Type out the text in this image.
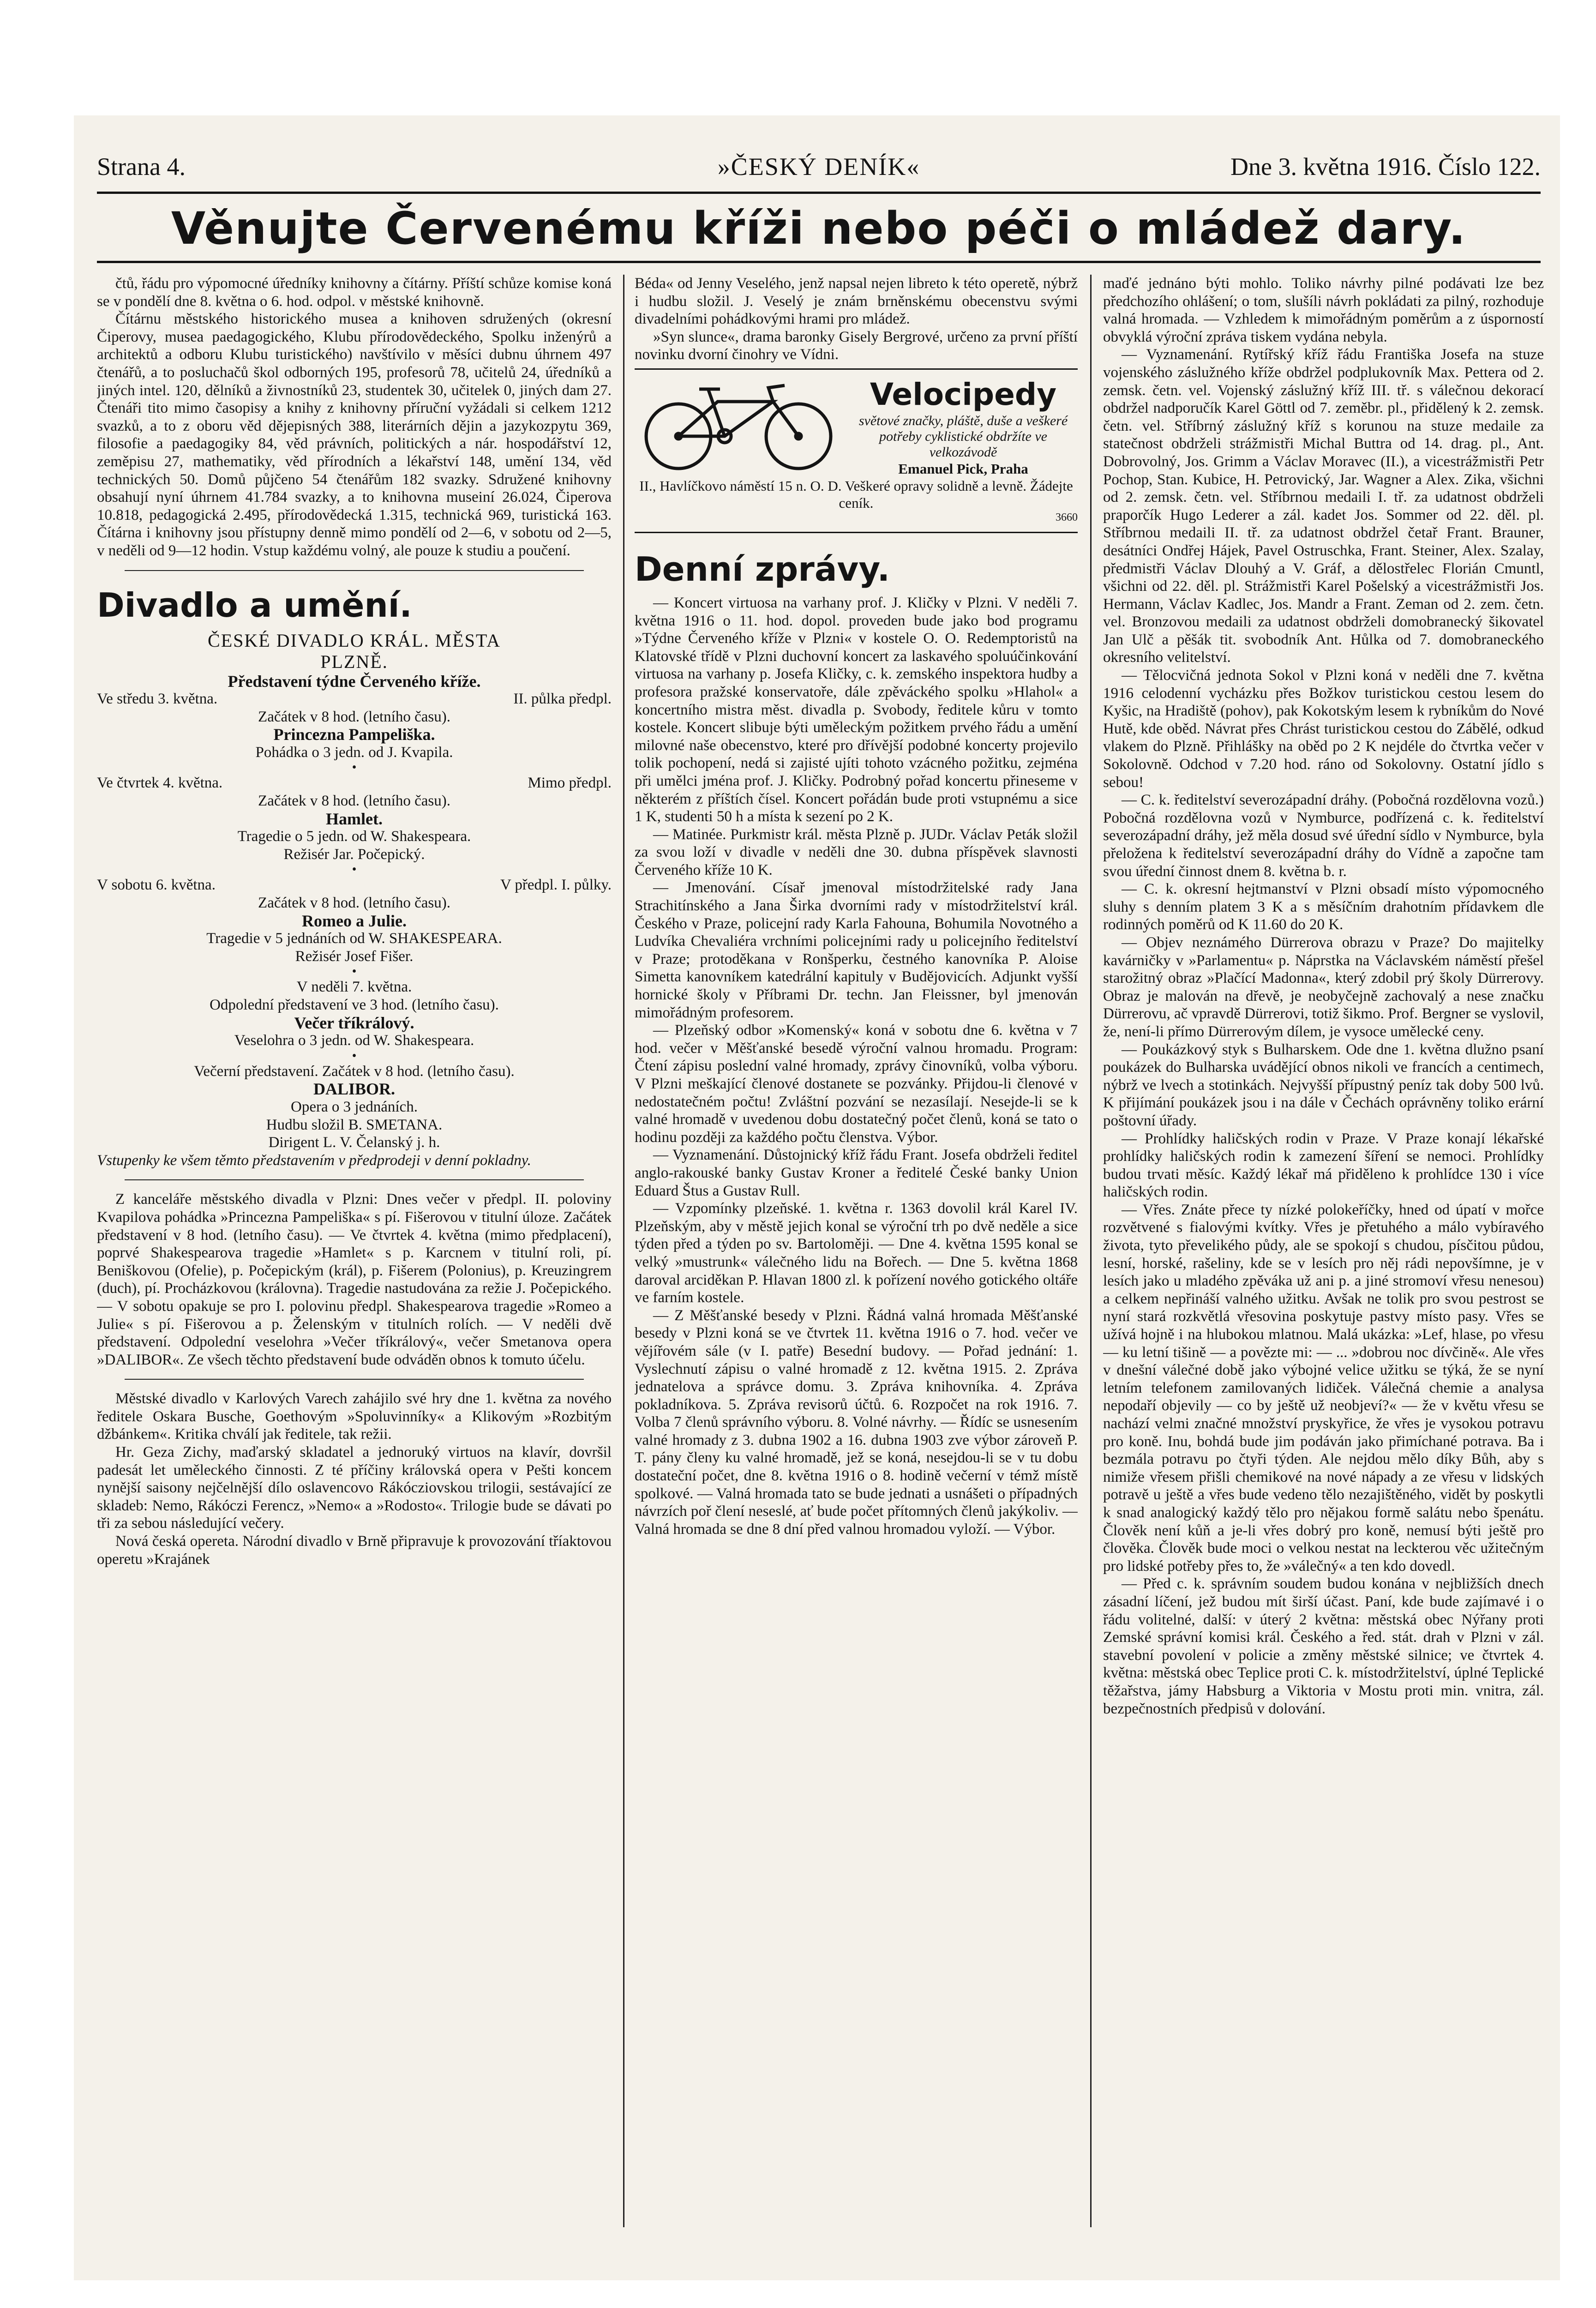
Strana 4.	»ČESKÝ DENÍK«	Dne 3. května 1916. Číslo 122.
Věnujte Červenému kříži nebo péči o mládež dary.

čtů, řádu pro výpomocné úředníky knihovny a čítárny. Příští schůze komise koná se v pondělí dne 8. května o 6. hod. odpol. v městské knihovně.

Čítárnu městského historického musea a knihoven sdružených (okresní Čiperovy, musea paedagogického, Klubu přírodovědeckého, Spolku inženýrů a architektů a odboru Klubu turistického) navštívilo v měsíci dubnu úhrnem 497 čtenářů, a to posluchačů škol odborných 195, profesorů 78, učitelů 24, úředníků a jiných intel. 120, dělníků a živnostníků 23, studentek 30, učitelek 0, jiných dam 27. Čtenáři tito mimo časopisy a knihy z knihovny příruční vyžádali si celkem 1212 svazků, a to z oboru věd dějepisných 388, literárních dějin a jazykozpytu 369, filosofie a paedagogiky 84, věd právních, politických a nár. hospodářství 12, zeměpisu 27, mathematiky, věd přírodních a lékařství 148, umění 134, věd technických 50. Domů půjčeno 54 čtenářům 182 svazky. Sdružené knihovny obsahují nyní úhrnem 41.784 svazky, a to knihovna museiní 26.024, Čiperova 10.818, pedagogická 2.495, přírodovědecká 1.315, technická 969, turistická 163. Čítárna i knihovny jsou přístupny denně mimo pondělí od 2—6, v sobotu od 2—5, v neděli od 9—12 hodin. Vstup každému volný, ale pouze k studiu a poučení.

Divadlo a umění.

ČESKÉ DIVADLO KRÁL. MĚSTA

PLZNĚ.

Představení týdne Červeného kříže.

Ve středu 3. května.	II. půlka předpl.

Začátek v 8 hod. (letního času).

Princezna Pampeliška.

Pohádka o 3 jedn. od J. Kvapila.

•

Ve čtvrtek 4. května.	Mimo předpl.

Začátek v 8 hod. (letního času).

Hamlet.

Tragedie o 5 jedn. od W. Shakespeara.

Režisér Jar. Počepický.

•

V sobotu 6. května.	V předpl. I. půlky.

Začátek v 8 hod. (letního času).

Romeo a Julie.

Tragedie v 5 jednáních od W. SHAKESPEARA.

Režisér Josef Fišer.

•

V neděli 7. května.

Odpolední představení ve 3 hod. (letního času).

Večer tříkrálový.

Veselohra o 3 jedn. od W. Shakespeara.

•

Večerní představení. Začátek v 8 hod. (letního času).

DALIBOR.

Opera o 3 jednáních.

Hudbu složil B. SMETANA.

Dirigent L. V. Čelanský j. h.

Vstupenky ke všem těmto představením v předprodeji v denní pokladny.

Z kanceláře městského divadla v Plzni: Dnes večer v předpl. II. poloviny Kvapilova pohádka »Princezna Pampeliška« s pí. Fišerovou v titulní úloze. Začátek představení v 8 hod. (letního času). — Ve čtvrtek 4. května (mimo předplacení), poprvé Shakespearova tragedie »Hamlet« s p. Karcnem v titulní roli, pí. Beniškovou (Ofelie), p. Počepickým (král), p. Fišerem (Polonius), p. Kreuzingrem (duch), pí. Procházkovou (královna). Tragedie nastudována za režie J. Počepického. — V sobotu opakuje se pro I. polovinu předpl. Shakespearova tragedie »Romeo a Julie« s pí. Fišerovou a p. Želenským v titulních rolích. — V neděli dvě představení. Odpolední veselohra »Večer tříkrálový«, večer Smetanova opera »DALIBOR«. Ze všech těchto představení bude odváděn obnos k tomuto účelu.

Městské divadlo v Karlových Varech zahájilo své hry dne 1. května za nového ředitele Oskara Busche, Goethovým »Spoluvinníky« a Klikovým »Rozbitým džbánkem«. Kritika chválí jak ředitele, tak režii.

Hr. Geza Zichy, maďarský skladatel a jednoruký virtuos na klavír, dovršil padesát let uměleckého činnosti. Z té příčiny královská opera v Pešti koncem nynější saisony nejčelnější dílo oslavencovo Rákócziovskou trilogii, sestávající ze skladeb: Nemo, Rákóczi Ferencz, »Nemo« a »Rodosto«. Trilogie bude se dávati po tři za sebou následující večery.

Nová česká opereta. Národní divadlo v Brně připravuje k provozování tříaktovou operetu »Krajánek

Béda« od Jenny Veselého, jenž napsal nejen libreto k této operetě, nýbrž i hudbu složil. J. Veselý je znám brněnskému obecenstvu svými divadelními pohádkovými hrami pro mládež.

»Syn slunce«, drama baronky Gisely Bergrové, určeno za první příští novinku dvorní činohry ve Vídni.

Velocipedy

světové značky, pláště, duše a veškeré potřeby cyklistické obdržíte ve velkozávodě

Emanuel Pick, Praha

II., Havlíčkovo náměstí 15 n. O. D. Veškeré opravy solidně a levně. Žádejte ceník.

3660

Denní zprávy.

— Koncert virtuosa na varhany prof. J. Kličky v Plzni. V neděli 7. května 1916 o 11. hod. dopol. proveden bude jako bod programu »Týdne Červeného kříže v Plzni« v kostele O. O. Redemptoristů na Klatovské třídě v Plzni duchovní koncert za laskavého spoluúčinkování virtuosa na varhany p. Josefa Kličky, c. k. zemského inspektora hudby a profesora pražské konservatoře, dále zpěváckého spolku »Hlahol« a koncertního mistra měst. divadla p. Svobody, ředitele kůru v tomto kostele. Koncert slibuje býti uměleckým požitkem prvého řádu a umění milovné naše obecenstvo, které pro dřívější podobné koncerty projevilo tolik pochopení, nedá si zajisté ujíti tohoto vzácného požitku, zejména při umělci jména prof. J. Kličky. Podrobný pořad koncertu přineseme v některém z příštích čísel. Koncert pořádán bude proti vstupnému a sice 1 K, studenti 50 h a místa k sezení po 2 K.

— Matinée. Purkmistr král. města Plzně p. JUDr. Václav Peták složil za svou loží v divadle v neděli dne 30. dubna příspěvek slavnosti Červeného kříže 10 K.

— Jmenování. Císař jmenoval místodržitelské rady Jana Strachitínského a Jana Širka dvorními rady v místodržitelství král. Českého v Praze, policejní rady Karla Fahouna, Bohumila Novotného a Ludvíka Chevaliéra vrchními policejními rady u policejního ředitelství v Praze; protoděkana v Ronšperku, čestného kanovníka P. Aloise Simetta kanovníkem katedrální kapituly v Budějovicích. Adjunkt vyšší hornické školy v Příbrami Dr. techn. Jan Fleissner, byl jmenován mimořádným profesorem.

— Plzeňský odbor »Komenský« koná v sobotu dne 6. května v 7 hod. večer v Měšťanské besedě výroční valnou hromadu. Program: Čtení zápisu poslední valné hromady, zprávy činovníků, volba výboru. V Plzni meškající členové dostanete se pozvánky. Přijdou-li členové v nedostatečném počtu! Zvláštní pozvání se nezasílají. Nesejde-li se k valné hromadě v uvedenou dobu dostatečný počet členů, koná se tato o hodinu později za každého počtu členstva. Výbor.

— Vyznamenání. Důstojnický kříž řádu Frant. Josefa obdrželi ředitel anglo-rakouské banky Gustav Kroner a ředitelé České banky Union Eduard Štus a Gustav Rull.

— Vzpomínky plzeňské. 1. května r. 1363 dovolil král Karel IV. Plzeňským, aby v městě jejich konal se výroční trh po dvě neděle a sice týden před a týden po sv. Bartoloměji. — Dne 4. května 1595 konal se velký »mustrunk« válečného lidu na Bořech. — Dne 5. května 1868 daroval arciděkan P. Hlavan 1800 zl. k pořízení nového gotického oltáře ve farním kostele.

— Z Měšťanské besedy v Plzni. Řádná valná hromada Měšťanské besedy v Plzni koná se ve čtvrtek 11. května 1916 o 7. hod. večer ve vějířovém sále (v I. patře) Besední budovy. — Pořad jednání: 1. Vyslechnutí zápisu o valné hromadě z 12. května 1915. 2. Zpráva jednatelova a správce domu. 3. Zpráva knihovníka. 4. Zpráva pokladníkova. 5. Zpráva revisorů účtů. 6. Rozpočet na rok 1916. 7. Volba 7 členů správního výboru. 8. Volné návrhy. — Řídíc se usnesením valné hromady z 3. dubna 1902 a 16. dubna 1903 zve výbor zároveň P. T. pány členy ku valné hromadě, jež se koná, nesejdou-li se v tu dobu dostateční počet, dne 8. května 1916 o 8. hodině večerní v témž místě spolkové. — Valná hromada tato se bude jednati a usnášeti o případných návrzích poř člení neseslé, ať bude počet přítomných členů jakýkoliv. — Valná hromada se dne 8 dní před valnou hromadou vyloží. — Výbor.

maďé jednáno býti mohlo. Toliko návrhy pilné podávati lze bez předchozího ohlášení; o tom, slušíli návrh pokládati za pilný, rozhoduje valná hromada. — Vzhledem k mimořádným poměrům a z úsporností obvyklá výroční zpráva tiskem vydána nebyla.

— Vyznamenání. Rytířský kříž řádu Františka Josefa na stuze vojenského záslužného kříže obdržel podplukovník Max. Pettera od 2. zemsk. četn. vel. Vojenský záslužný kříž III. tř. s válečnou dekorací obdržel nadporučík Karel Göttl od 7. zeměbr. pl., přidělený k 2. zemsk. četn. vel. Stříbrný záslužný kříž s korunou na stuze medaile za statečnost obdrželi strážmistři Michal Buttra od 14. drag. pl., Ant. Dobrovolný, Jos. Grimm a Václav Moravec (II.), a vicestrážmistři Petr Pochop, Stan. Kubice, H. Petrovický, Jar. Wagner a Alex. Zika, všichni od 2. zemsk. četn. vel. Stříbrnou medaili I. tř. za udatnost obdrželi praporčík Hugo Lederer a zál. kadet Jos. Sommer od 22. děl. pl. Stříbrnou medaili II. tř. za udatnost obdržel četař Frant. Brauner, desátníci Ondřej Hájek, Pavel Ostruschka, Frant. Steiner, Alex. Szalay, předmistři Václav Dlouhý a V. Gráf, a dělostřelec Florián Cmuntl, všichni od 22. děl. pl. Strážmistři Karel Pošelský a vicestrážmistři Jos. Hermann, Václav Kadlec, Jos. Mandr a Frant. Zeman od 2. zem. četn. vel. Bronzovou medaili za udatnost obdrželi domobranecký šikovatel Jan Ulč a pěšák tit. svobodník Ant. Hůlka od 7. domobraneckého okresního velitelství.

— Tělocvičná jednota Sokol v Plzni koná v neděli dne 7. května 1916 celodenní vycházku přes Božkov turistickou cestou lesem do Kyšic, na Hradiště (pohov), pak Kokotským lesem k rybníkům do Nové Hutě, kde oběd. Návrat přes Chrást turistickou cestou do Zábělé, odkud vlakem do Plzně. Přihlášky na oběd po 2 K nejdéle do čtvrtka večer v Sokolovně. Odchod v 7.20 hod. ráno od Sokolovny. Ostatní jídlo s sebou!

— C. k. ředitelství severozápadní dráhy. (Pobočná rozdělovna vozů.) Pobočná rozdělovna vozů v Nymburce, podřízená c. k. ředitelství severozápadní dráhy, jež měla dosud své úřední sídlo v Nymburce, byla přeložena k ředitelství severozápadní dráhy do Vídně a započne tam svou úřední činnost dnem 8. května b. r.

— C. k. okresní hejtmanství v Plzni obsadí místo výpomocného sluhy s denním platem 3 K a s měsíčním drahotním přídavkem dle rodinných poměrů od K 11.60 do 20 K.

— Objev neznámého Dürrerova obrazu v Praze? Do majitelky kavárničky v »Parlamentu« p. Náprstka na Václavském náměstí přešel starožitný obraz »Plačící Madonna«, který zdobil prý školy Dürrerovy. Obraz je malován na dřevě, je neobyčejně zachovalý a nese značku Dürrerovu, ač vpravdě Dürrerovi, totiž šikmo. Prof. Bergner se vyslovil, že, není-li přímo Dürrerovým dílem, je vysoce umělecké ceny.

— Poukázkový styk s Bulharskem. Ode dne 1. května dlužno psaní poukázek do Bulharska uvádějící obnos nikoli ve francích a centimech, nýbrž ve lvech a stotinkách. Nejvyšší přípustný peníz tak doby 500 lvů. K přijímání poukázek jsou i na dále v Čechách oprávněny toliko erární poštovní úřady.

— Prohlídky haličských rodin v Praze. V Praze konají lékařské prohlídky haličských rodin k zamezení šíření se nemoci. Prohlídky budou trvati měsíc. Každý lékař má přiděleno k prohlídce 130 i více haličských rodin.

— Vřes. Znáte přece ty nízké polokeříčky, hned od úpatí v mořce rozvětvené s fialovými kvítky. Vřes je přetuhého a málo vybíravého života, tyto převelikého půdy, ale se spokojí s chudou, písčitou půdou, lesní, horské, rašeliny, kde se v lesích pro něj rádi nepovšímne, je v lesích jako u mladého zpěváka už ani p. a jiné stromoví vřesu nenesou) a celkem nepřináší valného užitku. Avšak ne tolik pro svou pestrost se nyní stará rozkvětlá vřesovina poskytuje pastvy místo pasy. Vřes se užívá hojně i na hlubokou mlatnou. Malá ukázka: »Lef, hlase, po vřesu — ku letní tišině — a povězte mi: — ... »dobrou noc dívčině«. Ale vřes v dnešní válečné době jako výbojné velice užitku se týká, že se nyní letním telefonem zamilovaných lidiček. Válečná chemie a analysa nepodaří objevily — co by ještě už neobjeví?« — že v květu vřesu se nachází velmi značné množství pryskyřice, že vřes je vysokou potravu pro koně. Inu, bohdá bude jim podáván jako přimíchané potrava. Ba i bezmála potravu po čtyři týden. Ale nejdou mělo díky Bůh, aby s nimiže vřesem přišli chemikové na nové nápady a ze vřesu v lidských potravě u ještě a vřes bude vedeno tělo nezajištěného, vidět by poskytli k snad analogický každý tělo pro nějakou formě salátu nebo špenátu. Člověk není kůň a je-li vřes dobrý pro koně, nemusí býti ještě pro člověka. Člověk bude moci o velkou nestat na leckterou věc užitečným pro lidské potřeby přes to, že »válečný« a ten kdo dovedl.

— Před c. k. správním soudem budou konána v nejbližších dnech zásadní líčení, jež budou mít širší účast. Paní, kde bude zajímavé i o řádu volitelné, další: v úterý 2 května: městská obec Nýřany proti Zemské správní komisi král. Českého a řed. stát. drah v Plzni v zál. stavební povolení v policie a změny městské silnice; ve čtvrtek 4. května: městská obec Teplice proti C. k. místodržitelství, úplné Teplické těžařstva, jámy Habsburg a Viktoria v Mostu proti min. vnitra, zál. bezpečnostních předpisů v dolování.
